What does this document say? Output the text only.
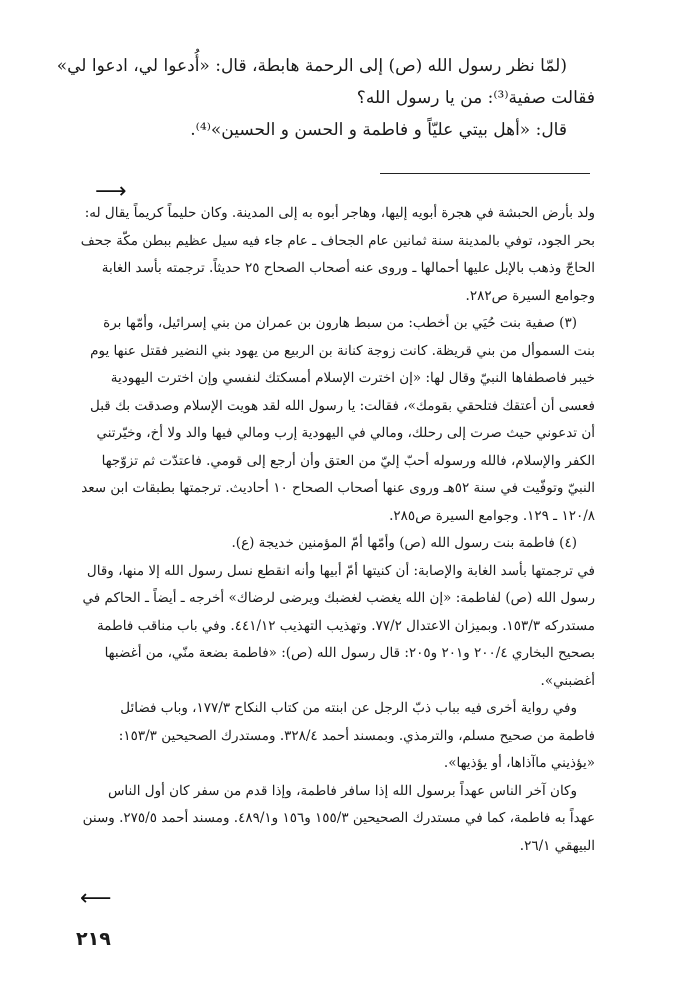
(لمّا نظر رسول الله (ص) إلى الرحمة هابطة، قال: «أُدعوا لي، ادعوا لي»
فقالت صفية⁽³⁾: من يا رسول الله؟
قال: «أهل بيتي عليّاً و فاطمة و الحسن و الحسين»⁽⁴⁾.
⟶

ولد بأرض الحبشة في هجرة أبويه إليها، وهاجر أبوه به إلى المدينة. وكان حليماً كريماً يقال له: بحر الجود، توفي بالمدينة سنة ثمانين عام الجحاف ـ عام جاء فيه سيل عظيم ببطن مكّة جحف الحاجّ وذهب بالإبل عليها أحمالها ـ وروى عنه أصحاب الصحاح ٢٥ حديثاً. ترجمته بأسد الغابة وجوامع السيرة ص٢٨٢.

(٣) صفية بنت حُيَي بن أخطب: من سبط هارون بن عمران من بني إسرائيل، وأمّها برة بنت السموأل من بني قريظة. كانت زوجة كنانة بن الربيع من يهود بني النضير فقتل عنها يوم خيبر فاصطفاها النبيّ وقال لها: «إن اخترت الإسلام أمسكتك لنفسي وإن اخترت اليهودية فعسى أن أعتقك فتلحقي بقومك»، فقالت: يا رسول الله لقد هويت الإسلام وصدقت بك قبل أن تدعوني حيث صرت إلى رحلك، ومالي في اليهودية إرب ومالي فيها والد ولا أخ، وخيّرتني الكفر والإسلام، فالله ورسوله أحبّ إليّ من العتق وأن أرجع إلى قومي. فاعتدّت ثم تزوّجها النبيّ وتوفّيت في سنة ٥٢هـ وروى عنها أصحاب الصحاح ١٠ أحاديث. ترجمتها بطبقات ابن سعد ١٢٠/٨ ـ ١٢٩. وجوامع السيرة ص٢٨٥.

(٤) فاطمة بنت رسول الله (ص) وأمّها أمّ المؤمنين خديجة (ع).

في ترجمتها بأسد الغابة والإصابة: أن كنيتها أمّ أبيها وأنه انقطع نسل رسول الله إلا منها، وقال رسول الله (ص) لفاطمة: «إن الله يغضب لغضبك ويرضى لرضاك» أخرجه ـ أيضاً ـ الحاكم في مستدركه ١٥٣/٣. وبميزان الاعتدال ٧٧/٢. وتهذيب التهذيب ٤٤١/١٢. وفي باب مناقب فاطمة بصحيح البخاري ٢٠٠/٤ و٢٠١ و٢٠٥: قال رسول الله (ص): «فاطمة بضعة منّي، من أغضبها أغضبني».

وفي رواية أخرى فيه بباب ذبّ الرجل عن ابنته من كتاب النكاح ١٧٧/٣، وباب فضائل فاطمة من صحيح مسلم، والترمذي. وبمسند أحمد ٣٢٨/٤. ومستدرك الصحيحين ١٥٣/٣: «يؤذيني ماآذاها، أو يؤذيها».

وكان آخر الناس عهداً برسول الله إذا سافر فاطمة، وإذا قدم من سفر كان أول الناس عهداً به فاطمة، كما في مستدرك الصحيحين ١٥٥/٣ و١٥٦ و٤٨٩/١. ومسند أحمد ٢٧٥/٥. وسنن البيهقي ٢٦/١.

⟵
٢١٩
